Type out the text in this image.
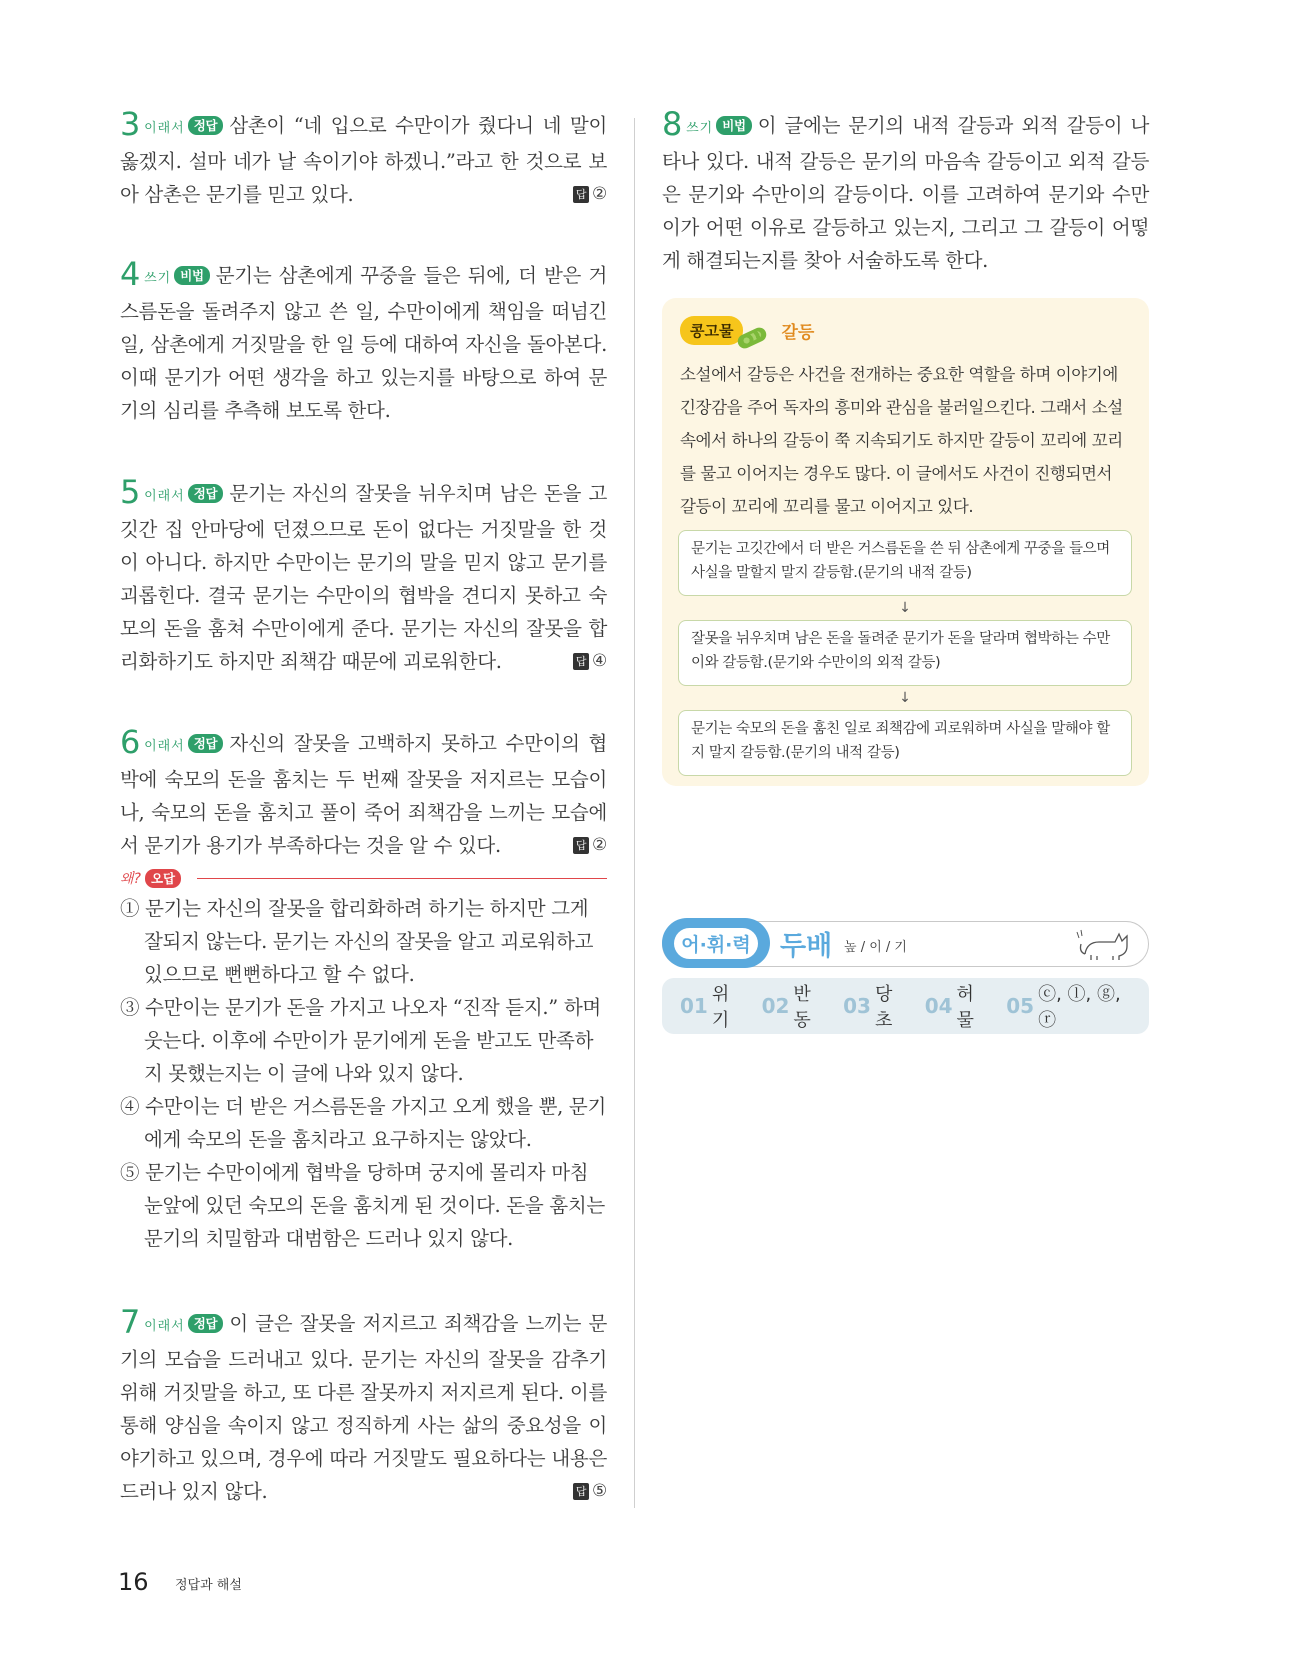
3 이래서 정답 삼촌이 “네 입으로 수만이가 줬다니 네 말이 옳겠지. 설마 네가 날 속이기야 하겠니.”라고 한 것으로 보아 삼촌은 문기를 믿고 있다.	답 ②
4 쓰기 비법 문기는 삼촌에게 꾸중을 들은 뒤에, 더 받은 거스름돈을 돌려주지 않고 쓴 일, 수만이에게 책임을 떠넘긴 일, 삼촌에게 거짓말을 한 일 등에 대하여 자신을 돌아본다. 이때 문기가 어떤 생각을 하고 있는지를 바탕으로 하여 문기의 심리를 추측해 보도록 한다.
5 이래서 정답 문기는 자신의 잘못을 뉘우치며 남은 돈을 고깃간 집 안마당에 던졌으므로 돈이 없다는 거짓말을 한 것이 아니다. 하지만 수만이는 문기의 말을 믿지 않고 문기를 괴롭힌다. 결국 문기는 수만이의 협박을 견디지 못하고 숙모의 돈을 훔쳐 수만이에게 준다. 문기는 자신의 잘못을 합리화하기도 하지만 죄책감 때문에 괴로워한다.	답 ④
6 이래서 정답 자신의 잘못을 고백하지 못하고 수만이의 협박에 숙모의 돈을 훔치는 두 번째 잘못을 저지르는 모습이나, 숙모의 돈을 훔치고 풀이 죽어 죄책감을 느끼는 모습에서 문기가 용기가 부족하다는 것을 알 수 있다.	답 ②
왜? 오답

① 문기는 자신의 잘못을 합리화하려 하기는 하지만 그게 잘되지 않는다. 문기는 자신의 잘못을 알고 괴로워하고 있으므로 뻔뻔하다고 할 수 없다.

③ 수만이는 문기가 돈을 가지고 나오자 “진작 듣지.” 하며 웃는다. 이후에 수만이가 문기에게 돈을 받고도 만족하지 못했는지는 이 글에 나와 있지 않다.

④ 수만이는 더 받은 거스름돈을 가지고 오게 했을 뿐, 문기에게 숙모의 돈을 훔치라고 요구하지는 않았다.

⑤ 문기는 수만이에게 협박을 당하며 궁지에 몰리자 마침 눈앞에 있던 숙모의 돈을 훔치게 된 것이다. 돈을 훔치는 문기의 치밀함과 대범함은 드러나 있지 않다.

7 이래서 정답 이 글은 잘못을 저지르고 죄책감을 느끼는 문기의 모습을 드러내고 있다. 문기는 자신의 잘못을 감추기 위해 거짓말을 하고, 또 다른 잘못까지 저지르게 된다. 이를 통해 양심을 속이지 않고 정직하게 사는 삶의 중요성을 이야기하고 있으며, 경우에 따라 거짓말도 필요하다는 내용은 드러나 있지 않다.	답 ⑤
8 쓰기 비법 이 글에는 문기의 내적 갈등과 외적 갈등이 나타나 있다. 내적 갈등은 문기의 마음속 갈등이고 외적 갈등은 문기와 수만이의 갈등이다. 이를 고려하여 문기와 수만이가 어떤 이유로 갈등하고 있는지, 그리고 그 갈등이 어떻게 해결되는지를 찾아 서술하도록 한다.
콩고물	갈등
소설에서 갈등은 사건을 전개하는 중요한 역할을 하며 이야기에 긴장감을 주어 독자의 흥미와 관심을 불러일으킨다. 그래서 소설 속에서 하나의 갈등이 쭉 지속되기도 하지만 갈등이 꼬리에 꼬리를 물고 이어지는 경우도 많다. 이 글에서도 사건이 진행되면서 갈등이 꼬리에 꼬리를 물고 이어지고 있다.
문기는 고깃간에서 더 받은 거스름돈을 쓴 뒤 삼촌에게 꾸중을 들으며 사실을 말할지 말지 갈등함.(문기의 내적 갈등)
↓
잘못을 뉘우치며 남은 돈을 돌려준 문기가 돈을 달라며 협박하는 수만이와 갈등함.(문기와 수만이의 외적 갈등)
↓
문기는 숙모의 돈을 훔친 일로 죄책감에 괴로워하며 사실을 말해야 할지 말지 갈등함.(문기의 내적 갈등)
어·휘·력 두배 높 / 이 / 기
01 위기
02 반동
03 당초
04 허물
05 ⓒ, ⓛ, ⓖ, ⓡ
16 정답과 해설
